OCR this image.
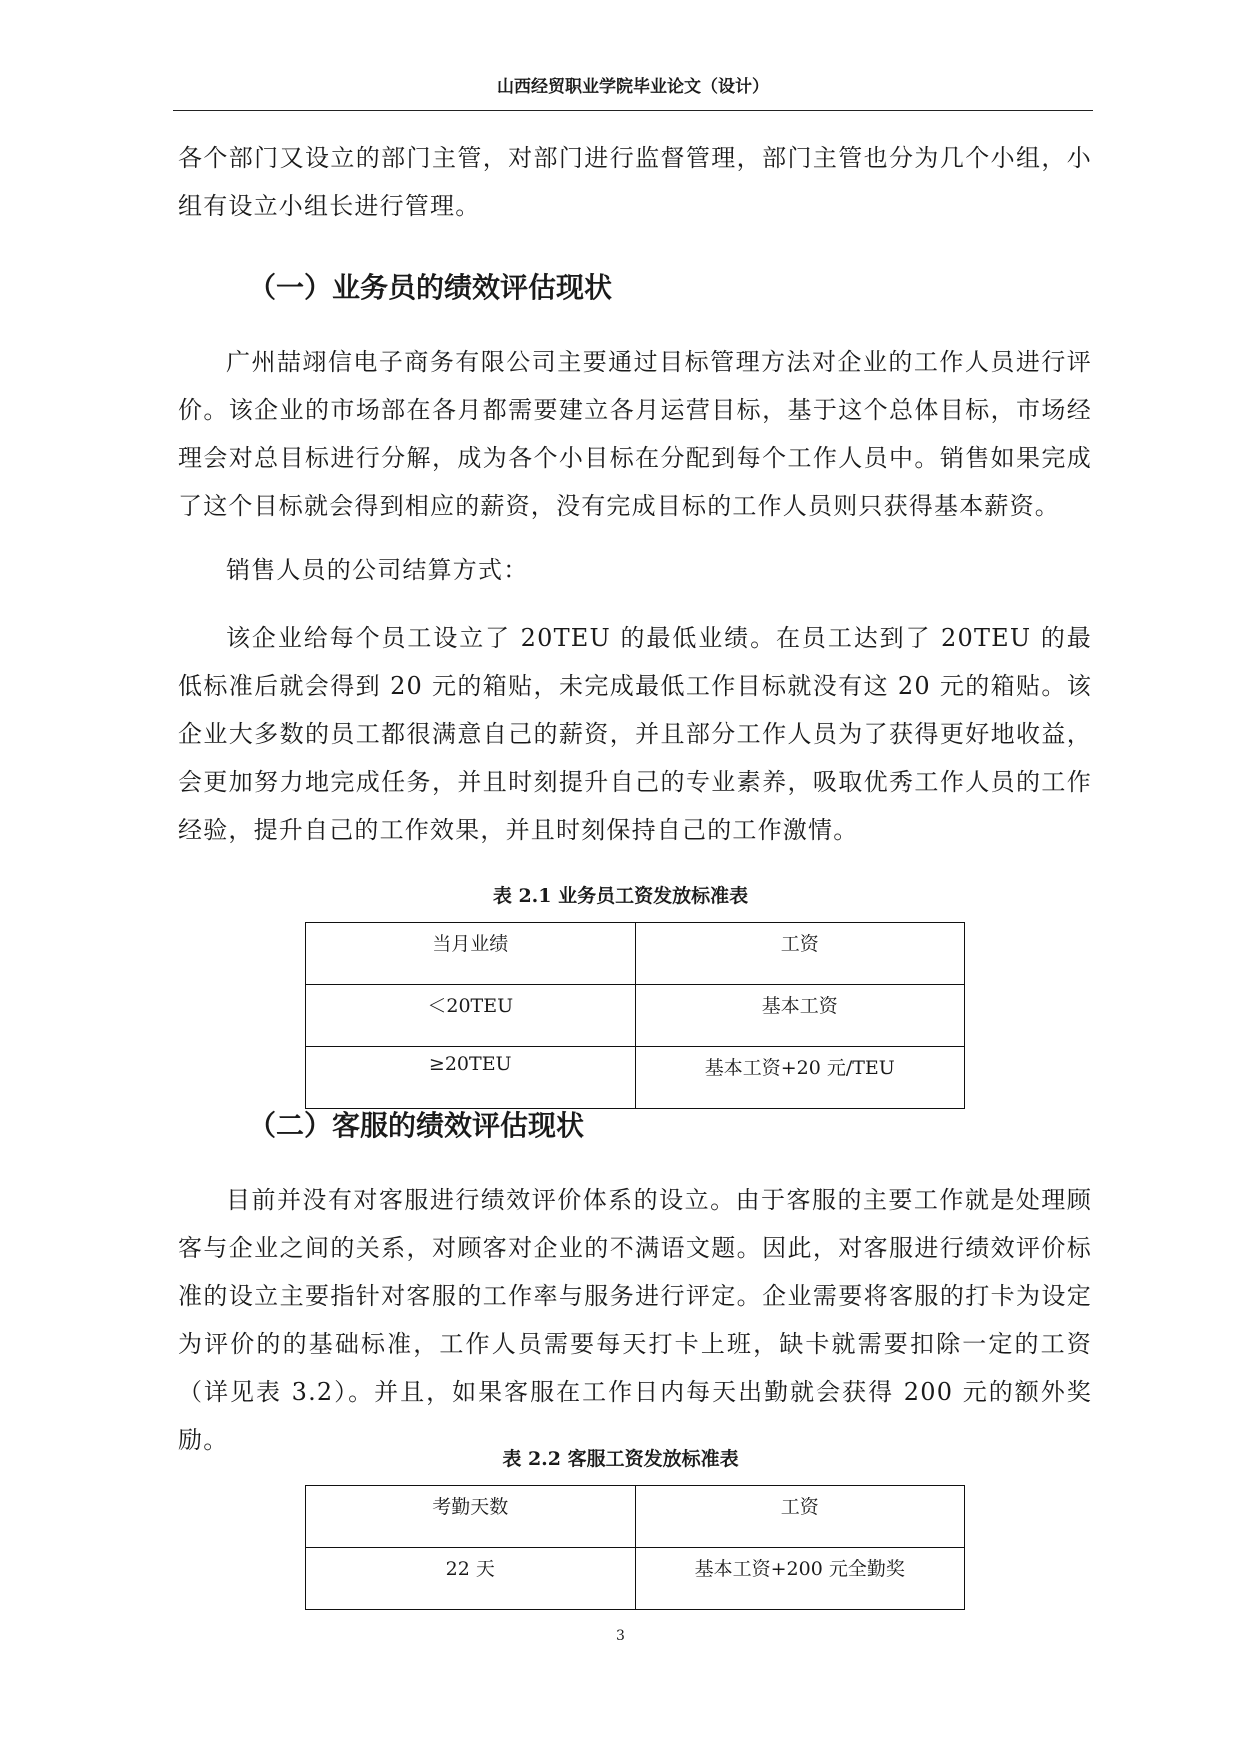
山西经贸职业学院毕业论文（设计）

各个部门又设立的部门主管，对部门进行监督管理，部门主管也分为几个小组，小组有设立小组长进行管理。

（一）业务员的绩效评估现状

广州喆翊信电子商务有限公司主要通过目标管理方法对企业的工作人员进行评价。该企业的市场部在各月都需要建立各月运营目标，基于这个总体目标，市场经理会对总目标进行分解，成为各个小目标在分配到每个工作人员中。销售如果完成了这个目标就会得到相应的薪资，没有完成目标的工作人员则只获得基本薪资。

销售人员的公司结算方式：

该企业给每个员工设立了 20TEU 的最低业绩。在员工达到了 20TEU 的最低标准后就会得到 20 元的箱贴，未完成最低工作目标就没有这 20 元的箱贴。该企业大多数的员工都很满意自己的薪资，并且部分工作人员为了获得更好地收益，会更加努力地完成任务，并且时刻提升自己的专业素养，吸取优秀工作人员的工作经验，提升自己的工作效果，并且时刻保持自己的工作激情。

表 2.1 业务员工资发放标准表
当月业绩	工资
＜20TEU	基本工资
≥20TEU	基本工资+20 元/TEU
（二）客服的绩效评估现状

目前并没有对客服进行绩效评价体系的设立。由于客服的主要工作就是处理顾客与企业之间的关系，对顾客对企业的不满语文题。因此，对客服进行绩效评价标准的设立主要指针对客服的工作率与服务进行评定。企业需要将客服的打卡为设定为评价的的基础标准，工作人员需要每天打卡上班，缺卡就需要扣除一定的工资（详见表 3.2）。并且，如果客服在工作日内每天出勤就会获得 200 元的额外奖励。

表 2.2 客服工资发放标准表
考勤天数	工资
22 天	基本工资+200 元全勤奖
3
